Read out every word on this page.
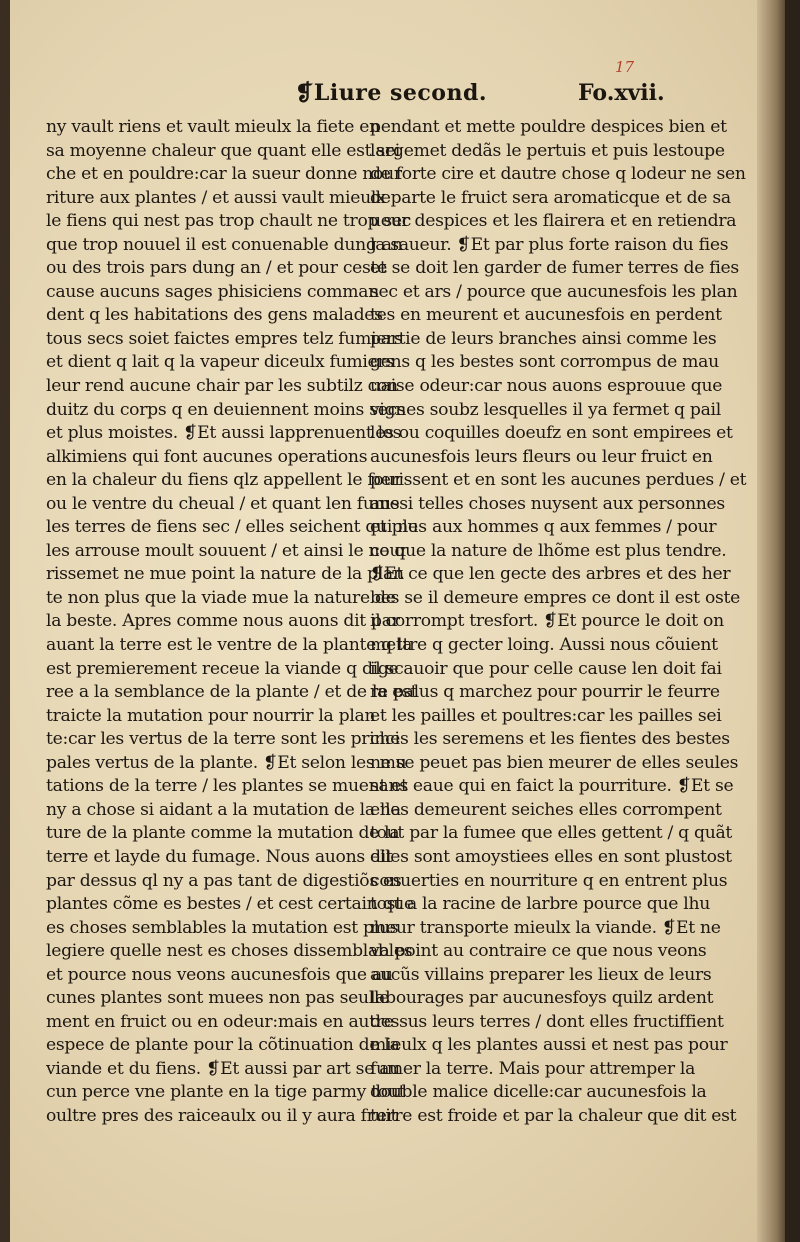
❡Liure second.	Fo.xvii.
17
ny vault riens et vault mieulx la fiete en
sa moyenne chaleur que quant elle est sei
che et en pouldre:car la sueur donne nour
riture aux plantes / et aussi vault mieulx
le fiens qui nest pas trop chault ne trop sec
que trop nouuel il est conuenable dung an
ou des trois pars dung an / et pour ceste
cause aucuns sages phisiciens comman
dent q les habitations des gens malades
tous secs soiet faictes empres telz fumiers
et dient q lait q la vapeur diceulx fumiers
leur rend aucune chair par les subtilz con
duitz du corps q en deuiennent moins secs
et plus moistes. ❡Et aussi lapprenuent les
alkimiens qui font aucunes operations
en la chaleur du fiens qlz appellent le four
ou le ventre du cheual / et quant len fume
les terres de fiens sec / elles seichent qui ne
les arrouse moult souuent / et ainsi le nour
rissemet ne mue point la nature de la plan
te non plus que la viade mue la nature de
la beste. Apres comme nous auons dit par
auant la terre est le ventre de la plante q la
est premierement receue la viande q dige
ree a la semblance de la plante / et de la est
traicte la mutation pour nourrir la plan
te:car les vertus de la terre sont les princi
pales vertus de la plante. ❡Et selon les mu
tations de la terre / les plantes se muent et
ny a chose si aidant a la mutation de la na
ture de la plante comme la mutation de la
terre et layde du fumage. Nous auons dit
par dessus ql ny a pas tant de digestiõs es
plantes cõme es bestes / et cest certain que
es choses semblables la mutation est plus
legiere quelle nest es choses dissemblables
et pource nous veons aucunesfois que au
cunes plantes sont muees non pas seulle
ment en fruict ou en odeur:mais en autre
espece de plante pour la cõtinuation de la
viande et du fiens. ❡Et aussi par art se au
cun perce vne plante en la tige parmy tout
oultre pres des raiceaulx ou il y aura fruit
pendant et mette pouldre despices bien et
largemet dedãs le pertuis et puis lestoupe
de forte cire et dautre chose q lodeur ne sen
departe le fruict sera aromaticque et de sa
ueur despices et les flairera et en retiendra
la saueur. ❡Et par plus forte raison du fies
et se doit len garder de fumer terres de fies
sec et ars / pource que aucunesfois les plan
tes en meurent et aucunesfois en perdent
partie de leurs branches ainsi comme les
gens q les bestes sont corrompus de mau
uaise odeur:car nous auons esprouue que
vignes soubz lesquelles il ya fermet q pail
les ou coquilles doeufz en sont empirees et
aucunesfois leurs fleurs ou leur fruict en
perissent et en sont les aucunes perdues / et
aussi telles choses nuysent aux personnes
et plus aux hommes q aux femmes / pour
ce que la nature de lhõme est plus tendre.
❡Et ce que len gecte des arbres et des her
bes se il demeure empres ce dont il est oste
il corrompt tresfort. ❡Et pource le doit on
mettre q gecter loing. Aussi nous cõuient
il scauoir que pour celle cause len doit fai
re palus q marchez pour pourrir le feurre
et les pailles et poultres:car les pailles sei
ches les seremens et les fientes des bestes
ne se peuet pas bien meurer de elles seules
sans eaue qui en faict la pourriture. ❡Et se
elles demeurent seiches elles corrompent
tout par la fumee que elles gettent / q quãt
elles sont amoystiees elles en sont plustost
conuerties en nourriture q en entrent plus
tost a la racine de larbre pource que lhu
meur transporte mieulx la viande. ❡Et ne
va point au contraire ce que nous veons
aucũs villains preparer les lieux de leurs
labourages par aucunesfoys quilz ardent
dessus leurs terres / dont elles fructiffient
mieulx q les plantes aussi et nest pas pour
fumer la terre. Mais pour attremper la
double malice dicelle:car aucunesfois la
terre est froide et par la chaleur que dit est
